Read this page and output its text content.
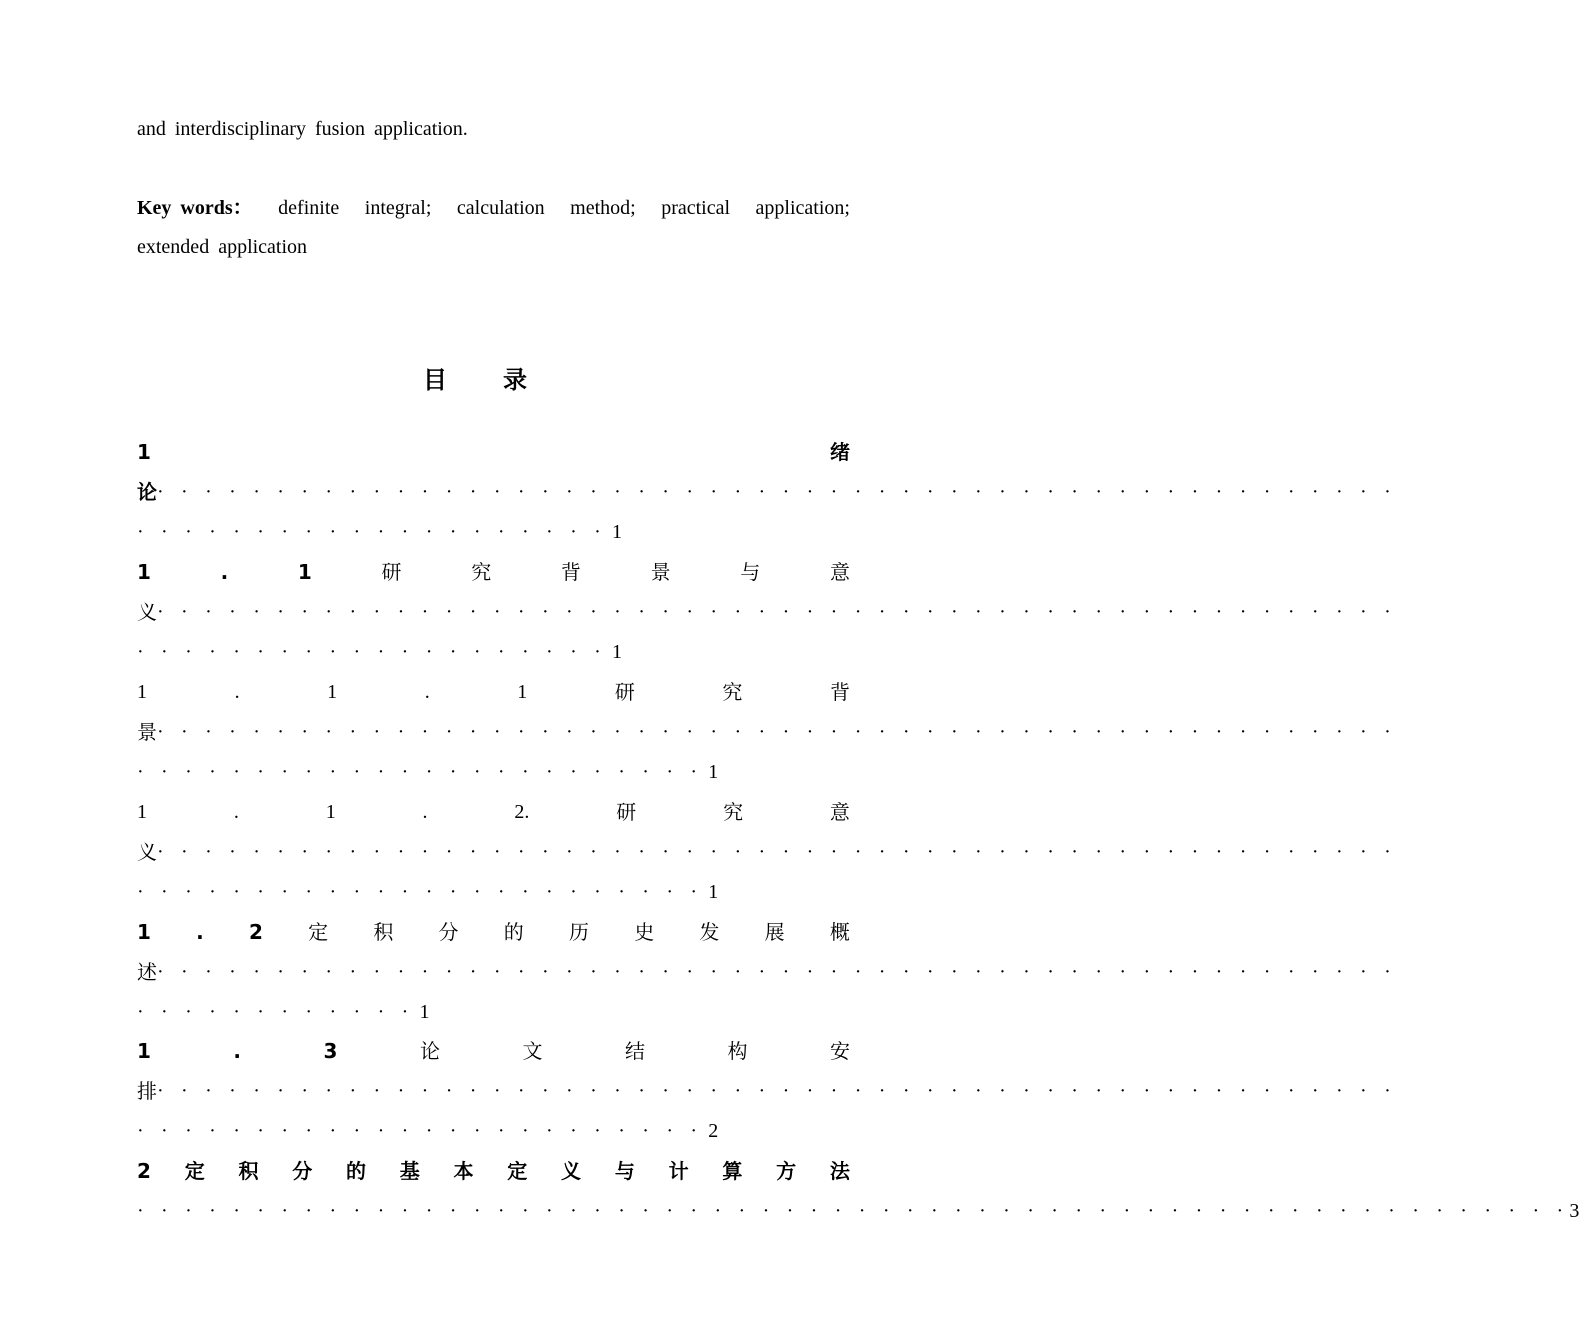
and interdisciplinary fusion application.
Key words： definite integral; calculation method; practical application;
extended application
目 录
1	绪
论 · · · · · · · · · · · · · · · · · · · · · · · · · · · · · · · · · · · · · · · · · · · · · · · · · · · ·
· · · · · · · · · · · · · · · · · · · · 1
1	.	1	研	究	背	景	与	意
义 · · · · · · · · · · · · · · · · · · · · · · · · · · · · · · · · · · · · · · · · · · · · · · · · · · · ·
· · · · · · · · · · · · · · · · · · · · 1
1	.	1	.	1	研	究	背
景 · · · · · · · · · · · · · · · · · · · · · · · · · · · · · · · · · · · · · · · · · · · · · · · · · · · ·
· · · · · · · · · · · · · · · · · · · · · · · · 1
1	.	1	.	2.	研	究	意
义 · · · · · · · · · · · · · · · · · · · · · · · · · · · · · · · · · · · · · · · · · · · · · · · · · · · ·
· · · · · · · · · · · · · · · · · · · · · · · · 1
1 . 2 定 积 分 的 历 史 发 展 概
述 · · · · · · · · · · · · · · · · · · · · · · · · · · · · · · · · · · · · · · · · · · · · · · · · · · · ·
· · · · · · · · · · · · 1
1	.	3	论	文	结	构	安
排 · · · · · · · · · · · · · · · · · · · · · · · · · · · · · · · · · · · · · · · · · · · · · · · · · · · ·
· · · · · · · · · · · · · · · · · · · · · · · · 2
2 定 积 分 的 基 本 定 义 与 计 算 方 法
· · · · · · · · · · · · · · · · · · · · · · · · · · · · · · · · · · · · · · · · · · · · · · · · · · · · · · · · · · · · 3
